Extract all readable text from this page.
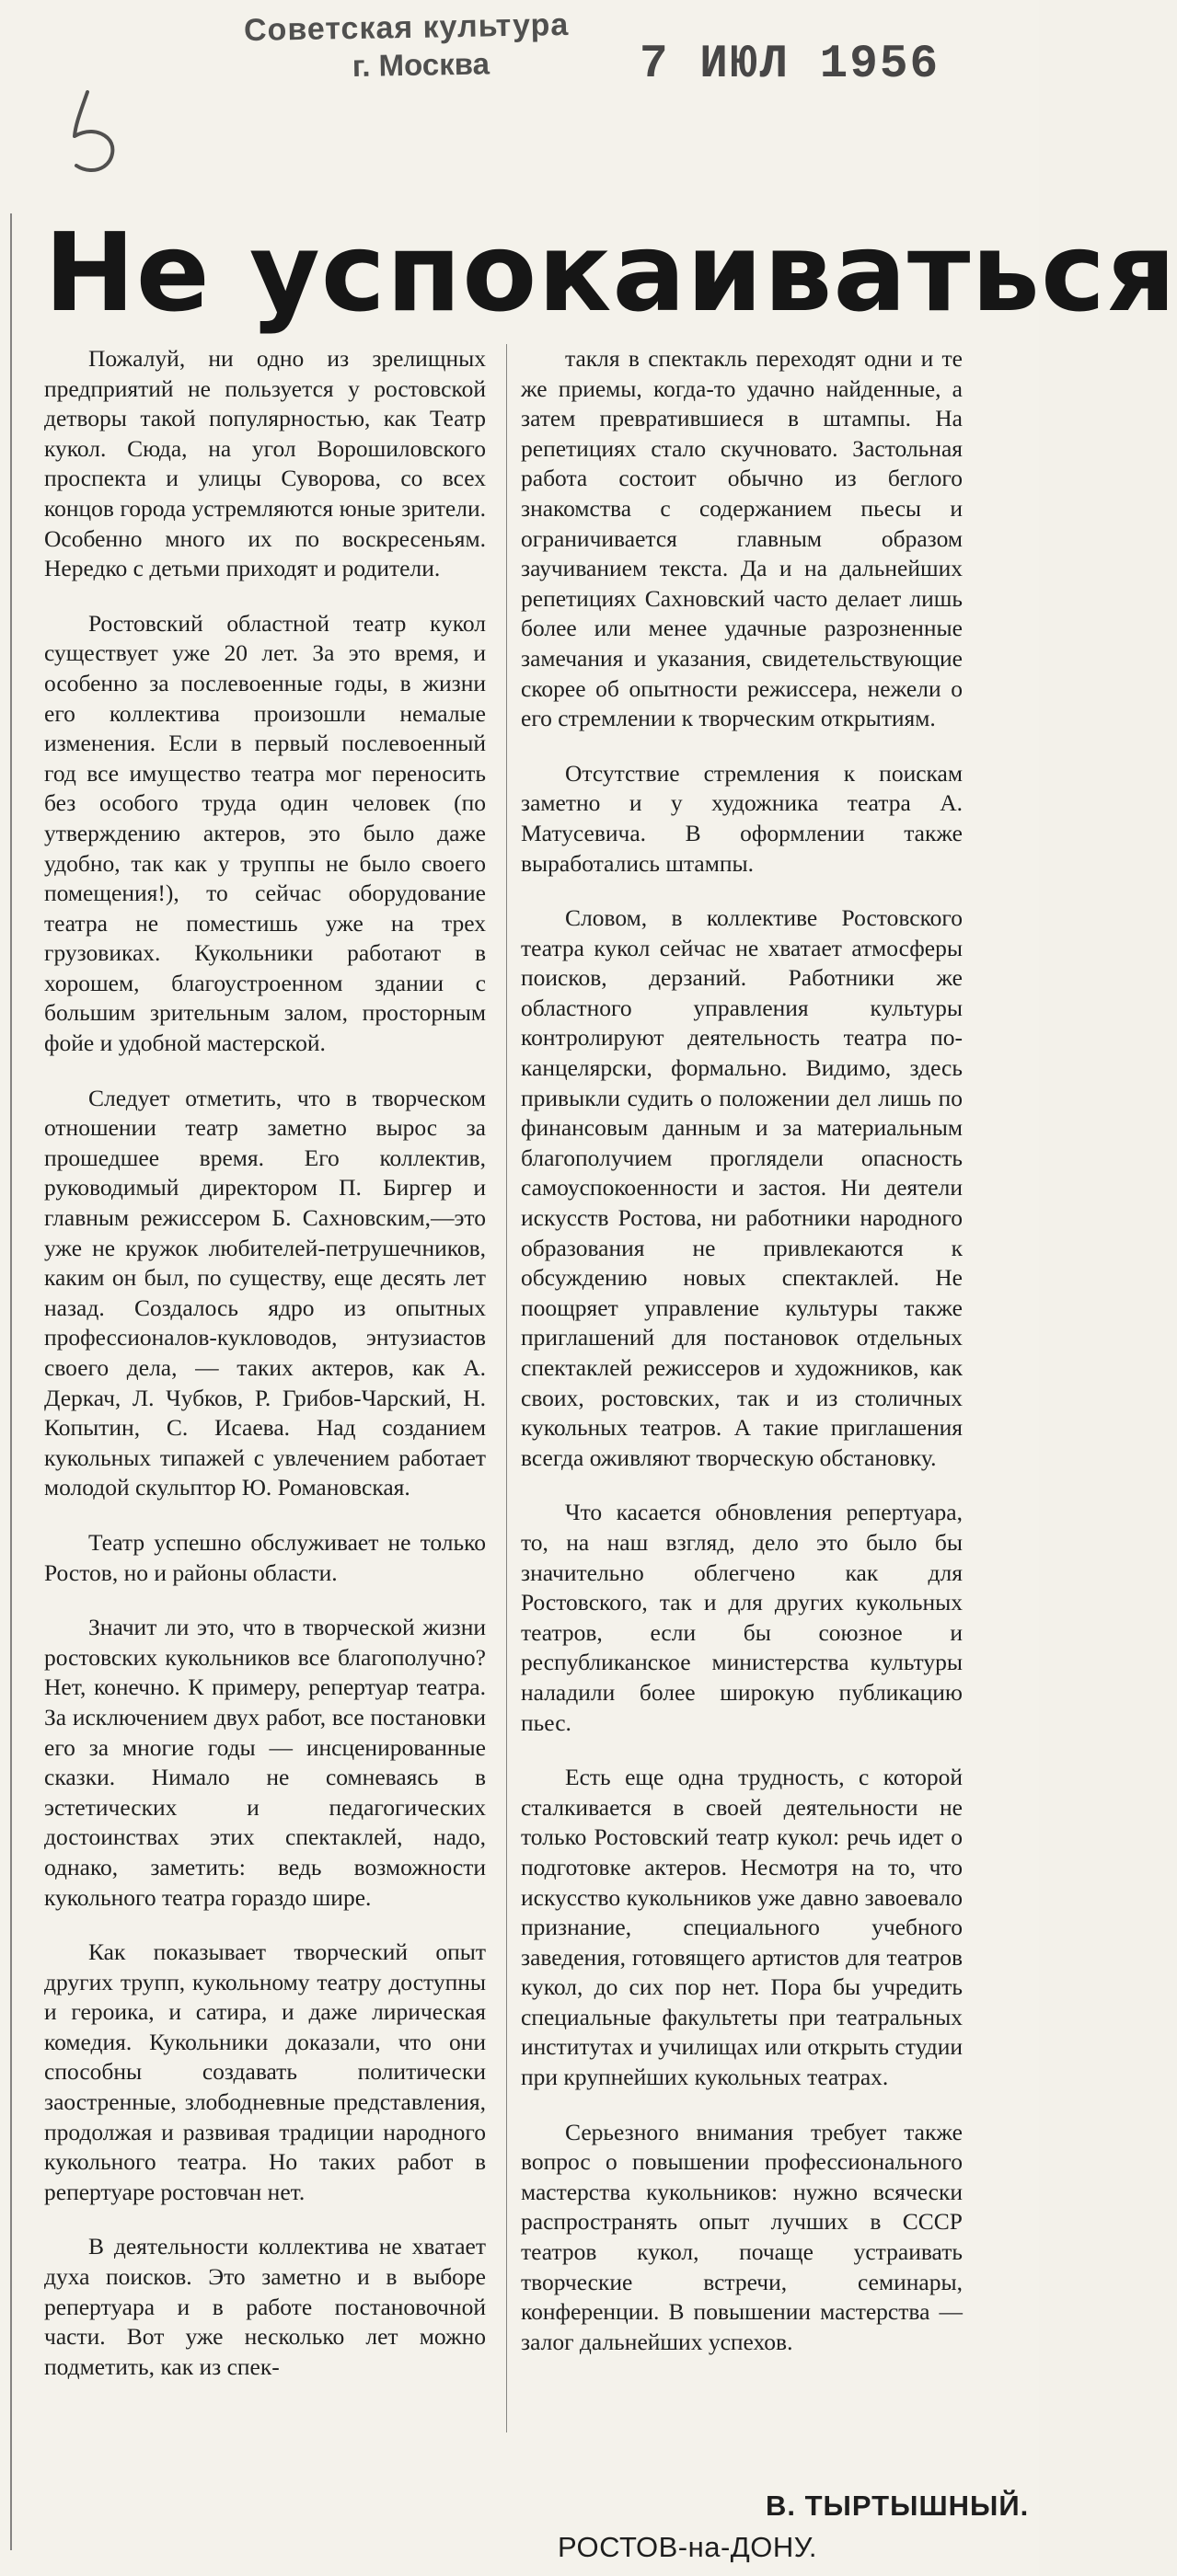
Советская культура
г. Москва	7 ИЮЛ 1956
Не успокаиваться

Пожалуй, ни одно из зрелищных предприятий не пользуется у ростовской детворы такой популярностью, как Театр кукол. Сюда, на угол Ворошиловского проспекта и улицы Суворова, со всех концов города устремляются юные зрители. Особенно много их по воскресеньям. Нередко с детьми приходят и родители.

Ростовский областной театр кукол существует уже 20 лет. За это время, и особенно за послевоенные годы, в жизни его коллектива произошли немалые изменения. Если в первый послевоенный год все имущество театра мог переносить без особого труда один человек (по утверждению актеров, это было даже удобно, так как у труппы не было своего помещения!), то сейчас оборудование театра не поместишь уже на трех грузовиках. Кукольники работают в хорошем, благоустроенном здании с большим зрительным залом, просторным фойе и удобной мастерской.

Следует отметить, что в творческом отношении театр заметно вырос за прошедшее время. Его коллектив, руководимый директором П. Биргер и главным режиссером Б. Сахновским,—это уже не кружок любителей-петрушечников, каким он был, по существу, еще десять лет назад. Создалось ядро из опытных профессионалов-кукловодов, энтузиастов своего дела, — таких актеров, как А. Деркач, Л. Чубков, Р. Грибов-Чарский, Н. Копытин, С. Исаева. Над созданием кукольных типажей с увлечением работает молодой скульптор Ю. Романовская.

Театр успешно обслуживает не только Ростов, но и районы области.

Значит ли это, что в творческой жизни ростовских кукольников все благополучно? Нет, конечно. К примеру, репертуар театра. За исключением двух работ, все постановки его за многие годы — инсценированные сказки. Нимало не сомневаясь в эстетических и педагогических достоинствах этих спектаклей, надо, однако, заметить: ведь возможности кукольного театра гораздо шире.

Как показывает творческий опыт других трупп, кукольному театру доступны и героика, и сатира, и даже лирическая комедия. Кукольники доказали, что они способны создавать политически заостренные, злободневные представления, продолжая и развивая традиции народного кукольного театра. Но таких работ в репертуаре ростовчан нет.

В деятельности коллектива не хватает духа поисков. Это заметно и в выборе репертуара и в работе постановочной части. Вот уже несколько лет можно подметить, как из спек-

такля в спектакль переходят одни и те же приемы, когда-то удачно найденные, а затем превратившиеся в штампы. На репетициях стало скучновато. Застольная работа состоит обычно из беглого знакомства с содержанием пьесы и ограничивается главным образом заучиванием текста. Да и на дальнейших репетициях Сахновский часто делает лишь более или менее удачные разрозненные замечания и указания, свидетельствующие скорее об опытности режиссера, нежели о его стремлении к творческим открытиям.

Отсутствие стремления к поискам заметно и у художника театра А. Матусевича. В оформлении также выработались штампы.

Словом, в коллективе Ростовского театра кукол сейчас не хватает атмосферы поисков, дерзаний. Работники же областного управления культуры контролируют деятельность театра по-канцелярски, формально. Видимо, здесь привыкли судить о положении дел лишь по финансовым данным и за материальным благополучием проглядели опасность самоуспокоенности и застоя. Ни деятели искусств Ростова, ни работники народного образования не привлекаются к обсуждению новых спектаклей. Не поощряет управление культуры также приглашений для постановок отдельных спектаклей режиссеров и художников, как своих, ростовских, так и из столичных кукольных театров. А такие приглашения всегда оживляют творческую обстановку.

Что касается обновления репертуара, то, на наш взгляд, дело это было бы значительно облегчено как для Ростовского, так и для других кукольных театров, если бы союзное и республиканское министерства культуры наладили более широкую публикацию пьес.

Есть еще одна трудность, с которой сталкивается в своей деятельности не только Ростовский театр кукол: речь идет о подготовке актеров. Несмотря на то, что искусство кукольников уже давно завоевало признание, специального учебного заведения, готовящего артистов для театров кукол, до сих пор нет. Пора бы учредить специальные факультеты при театральных институтах и училищах или открыть студии при крупнейших кукольных театрах.

Серьезного внимания требует также вопрос о повышении профессионального мастерства кукольников: нужно всячески распространять опыт лучших в СССР театров кукол, почаще устраивать творческие встречи, семинары, конференции. В повышении мастерства — залог дальнейших успехов.

В. ТЫРТЫШНЫЙ.
РОСТОВ-на-ДОНУ.
